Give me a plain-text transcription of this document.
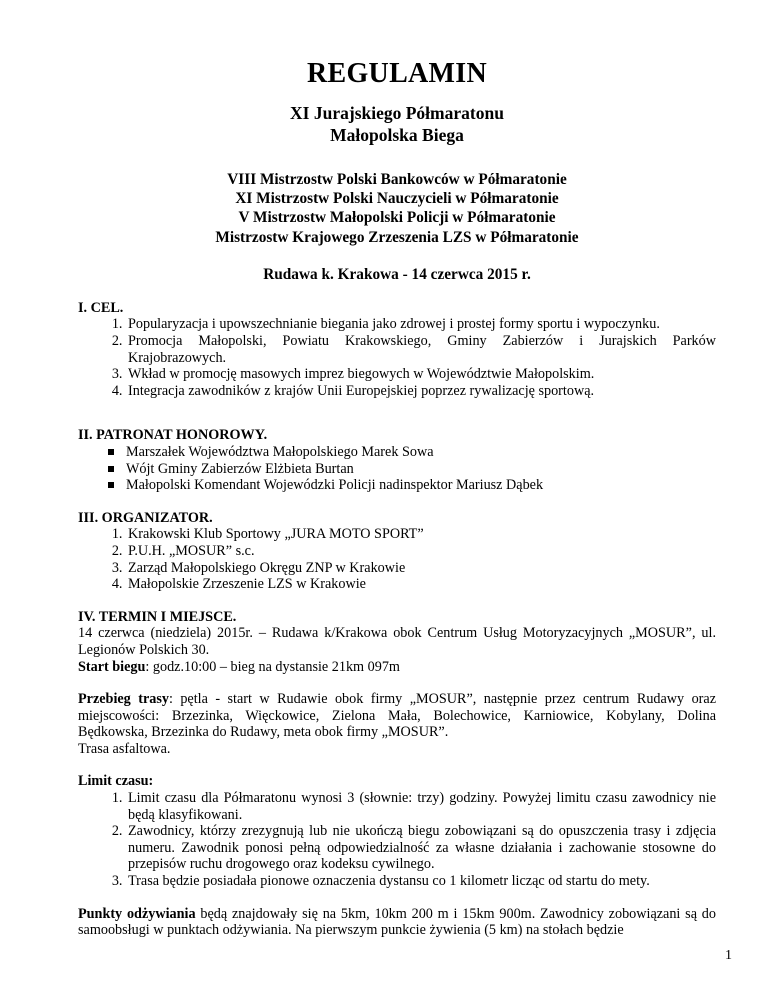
REGULAMIN
XI Jurajskiego Półmaratonu
Małopolska Biega
VIII Mistrzostw Polski Bankowców w Półmaratonie
XI Mistrzostw Polski Nauczycieli w Półmaratonie
V Mistrzostw Małopolski Policji w Półmaratonie
Mistrzostw Krajowego Zrzeszenia LZS w Półmaratonie
Rudawa k. Krakowa - 14 czerwca 2015 r.
I. CEL.
1. Popularyzacja i upowszechnianie biegania jako zdrowej i prostej formy sportu i wypoczynku.
2. Promocja Małopolski, Powiatu Krakowskiego, Gminy Zabierzów i Jurajskich Parków Krajobrazowych.
3. Wkład w promocję masowych imprez biegowych w Województwie Małopolskim.
4. Integracja zawodników z krajów Unii Europejskiej poprzez rywalizację sportową.
II. PATRONAT HONOROWY.
Marszałek Województwa Małopolskiego Marek Sowa
Wójt Gminy Zabierzów Elżbieta Burtan
Małopolski Komendant Wojewódzki Policji nadinspektor Mariusz Dąbek
III. ORGANIZATOR.
1. Krakowski Klub Sportowy „JURA MOTO SPORT”
2. P.U.H. „MOSUR” s.c.
3. Zarząd Małopolskiego Okręgu ZNP w Krakowie
4. Małopolskie Zrzeszenie LZS w Krakowie
IV. TERMIN I MIEJSCE.

14 czerwca (niedziela) 2015r. – Rudawa k/Krakowa obok Centrum Usług Motoryzacyjnych „MOSUR”, ul. Legionów Polskich 30.

Start biegu: godz.10:00 – bieg na dystansie 21km 097m

Przebieg trasy: pętla - start w Rudawie obok firmy „MOSUR”, następnie przez centrum Rudawy oraz miejscowości: Brzezinka, Więckowice, Zielona Mała, Bolechowice, Karniowice, Kobylany, Dolina Będkowska, Brzezinka do Rudawy, meta obok firmy „MOSUR”.

Trasa asfaltowa.

Limit czasu:
1. Limit czasu dla Półmaratonu wynosi 3 (słownie: trzy) godziny. Powyżej limitu czasu zawodnicy nie będą klasyfikowani.
2. Zawodnicy, którzy zrezygnują lub nie ukończą biegu zobowiązani są do opuszczenia trasy i zdjęcia numeru. Zawodnik ponosi pełną odpowiedzialność za własne działania i zachowanie stosowne do przepisów ruchu drogowego oraz kodeksu cywilnego.
3. Trasa będzie posiadała pionowe oznaczenia dystansu co 1 kilometr licząc od startu do mety.

Punkty odżywiania będą znajdowały się na 5km, 10km 200 m i 15km 900m. Zawodnicy zobowiązani są do samoobsługi w punktach odżywiania. Na pierwszym punkcie żywienia (5 km) na stołach będzie

1
